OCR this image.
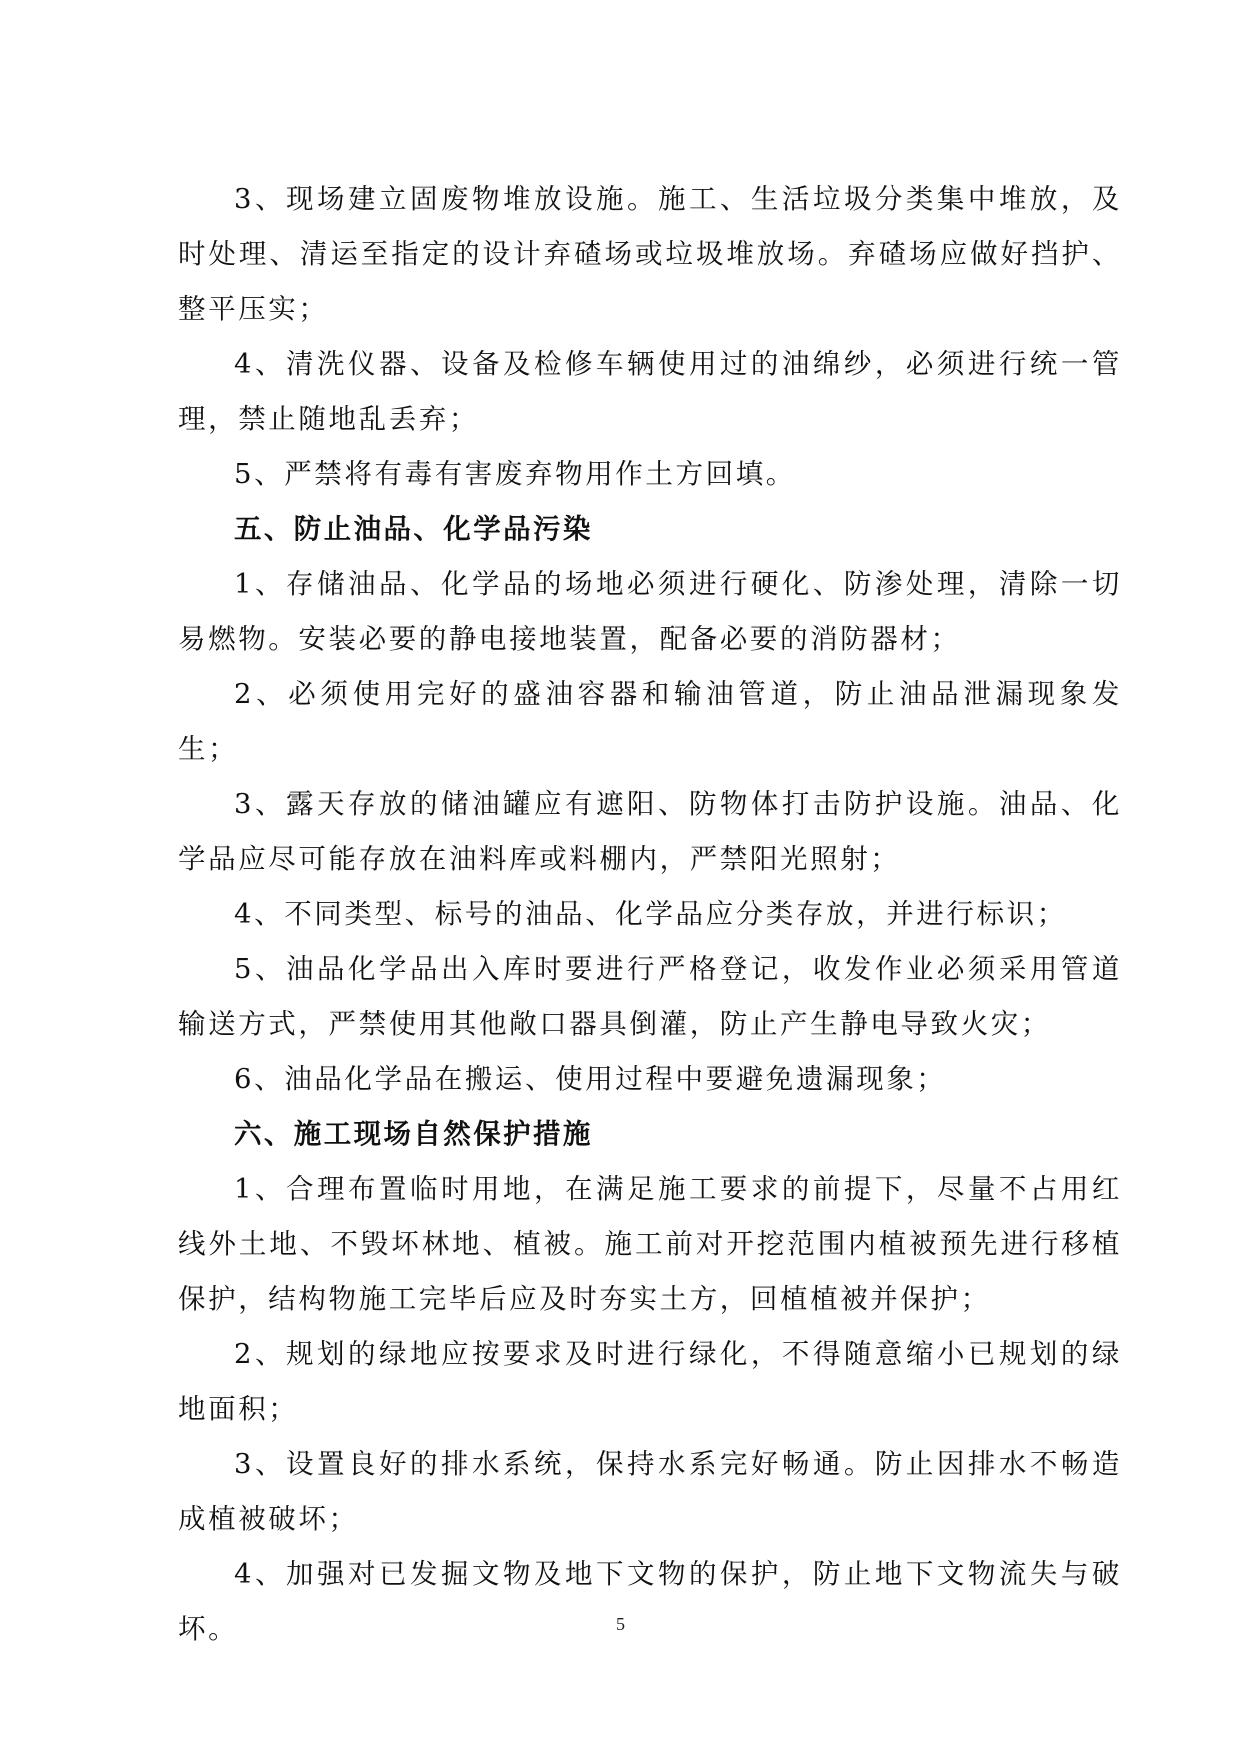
3、现场建立固废物堆放设施。施工、生活垃圾分类集中堆放，及时处理、清运至指定的设计弃碴场或垃圾堆放场。弃碴场应做好挡护、整平压实；

4、清洗仪器、设备及检修车辆使用过的油绵纱，必须进行统一管理，禁止随地乱丢弃；

5、严禁将有毒有害废弃物用作土方回填。

五、防止油品、化学品污染

1、存储油品、化学品的场地必须进行硬化、防渗处理，清除一切易燃物。安装必要的静电接地装置，配备必要的消防器材；

2、必须使用完好的盛油容器和输油管道，防止油品泄漏现象发生；

3、露天存放的储油罐应有遮阳、防物体打击防护设施。油品、化学品应尽可能存放在油料库或料棚内，严禁阳光照射；

4、不同类型、标号的油品、化学品应分类存放，并进行标识；

5、油品化学品出入库时要进行严格登记，收发作业必须采用管道输送方式，严禁使用其他敞口器具倒灌，防止产生静电导致火灾；

6、油品化学品在搬运、使用过程中要避免遗漏现象；

六、施工现场自然保护措施

1、合理布置临时用地，在满足施工要求的前提下，尽量不占用红线外土地、不毁坏林地、植被。施工前对开挖范围内植被预先进行移植保护，结构物施工完毕后应及时夯实土方，回植植被并保护；

2、规划的绿地应按要求及时进行绿化，不得随意缩小已规划的绿地面积；

3、设置良好的排水系统，保持水系完好畅通。防止因排水不畅造成植被破坏；

4、加强对已发掘文物及地下文物的保护，防止地下文物流失与破坏。	5
